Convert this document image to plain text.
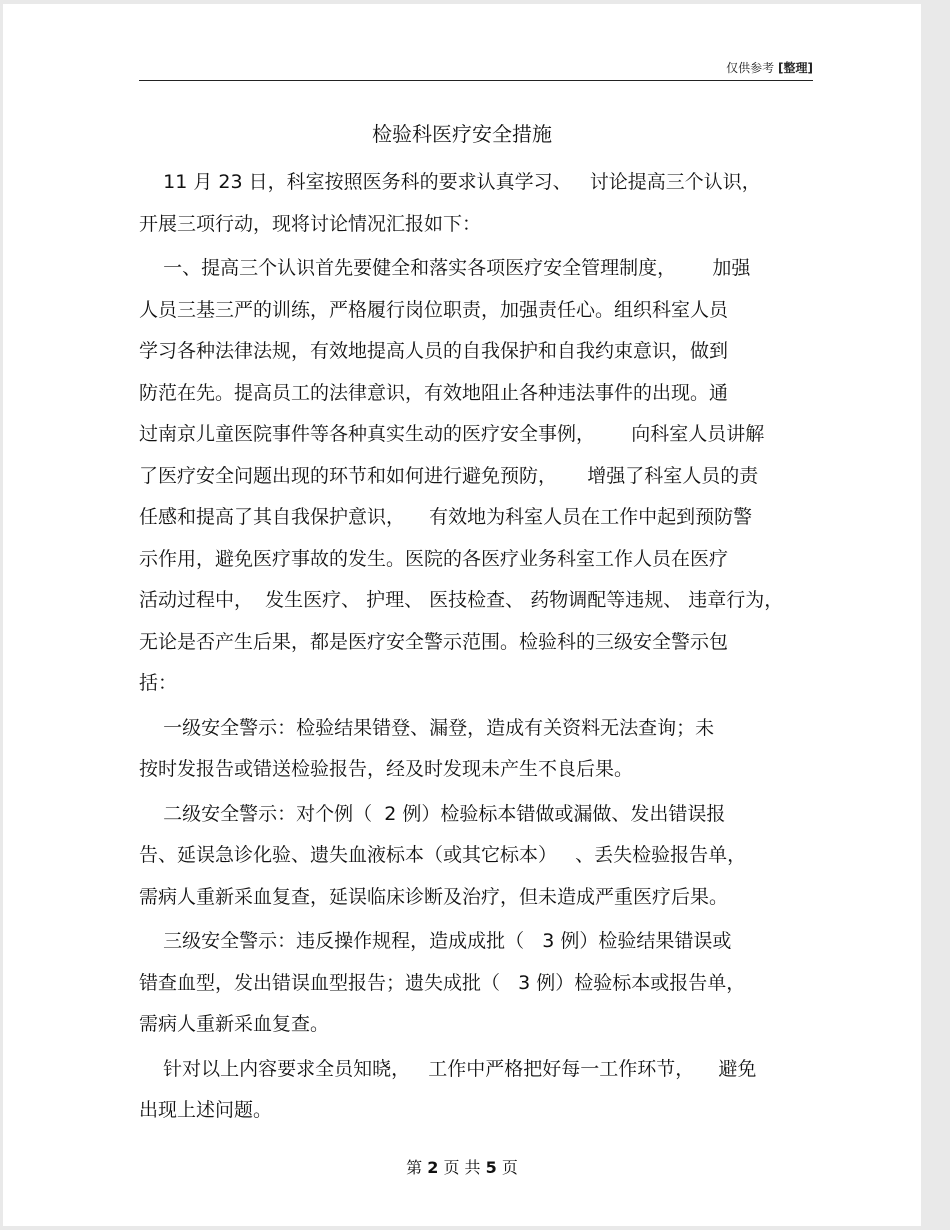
仅供参考 [整理]
检验科医疗安全措施
11 月 23 日，科室按照医务科的要求认真学习、   讨论提高三个认识，
开展三项行动，现将讨论情况汇报如下：
一、提高三个认识首先要健全和落实各项医疗安全管理制度，      加强
人员三基三严的训练，严格履行岗位职责，加强责任心。组织科室人员
学习各种法律法规，有效地提高人员的自我保护和自我约束意识，做到
防范在先。提高员工的法律意识，有效地阻止各种违法事件的出现。通
过南京儿童医院事件等各种真实生动的医疗安全事例，      向科室人员讲解
了医疗安全问题出现的环节和如何进行避免预防，     增强了科室人员的责
任感和提高了其自我保护意识，    有效地为科室人员在工作中起到预防警
示作用，避免医疗事故的发生。医院的各医疗业务科室工作人员在医疗
活动过程中，  发生医疗、 护理、 医技检查、 药物调配等违规、 违章行为，
无论是否产生后果，都是医疗安全警示范围。检验科的三级安全警示包
括：
一级安全警示：检验结果错登、漏登，造成有关资料无法查询；未
按时发报告或错送检验报告，经及时发现未产生不良后果。
二级安全警示：对个例（  2 例）检验标本错做或漏做、发出错误报
告、延误急诊化验、遗失血液标本（或其它标本）   、丢失检验报告单，
需病人重新采血复查，延误临床诊断及治疗，但未造成严重医疗后果。
三级安全警示：违反操作规程，造成成批（   3 例）检验结果错误或
错查血型，发出错误血型报告；遗失成批（   3 例）检验标本或报告单，
需病人重新采血复查。
针对以上内容要求全员知晓，   工作中严格把好每一工作环节，    避免
出现上述问题。
第 2 页 共 5 页
